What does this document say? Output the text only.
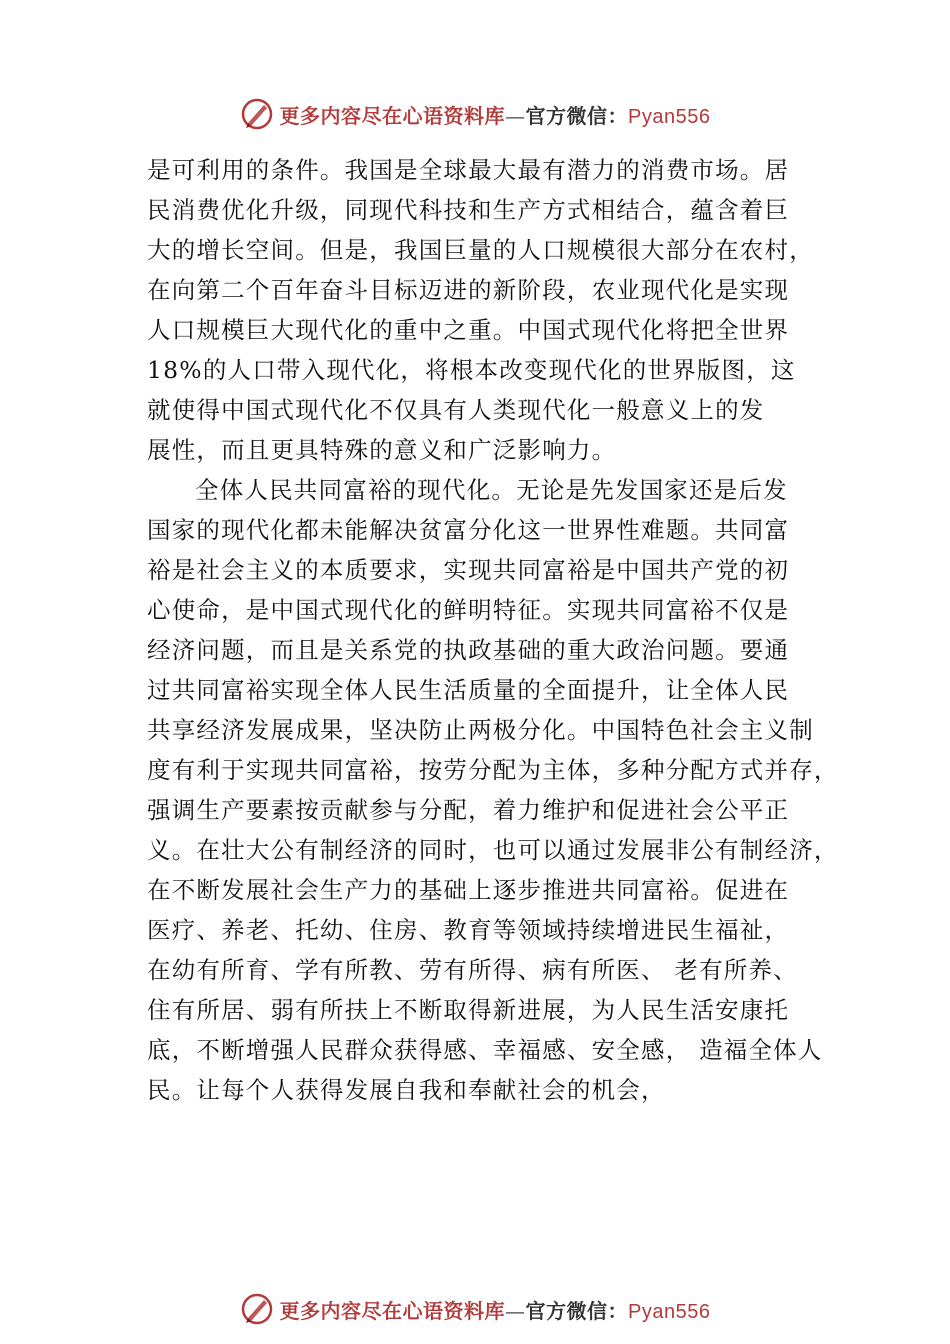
更多内容尽在心语资料库—官方微信：Pyan556
是可利用的条件。我国是全球最大最有潜力的消费市场。居
民消费优化升级，同现代科技和生产方式相结合，蕴含着巨
大的增长空间。但是，我国巨量的人口规模很大部分在农村，
在向第二个百年奋斗目标迈进的新阶段，农业现代化是实现
人口规模巨大现代化的重中之重。中国式现代化将把全世界
18%的人口带入现代化，将根本改变现代化的世界版图，这
就使得中国式现代化不仅具有人类现代化一般意义上的发
展性，而且更具特殊的意义和广泛影响力。
全体人民共同富裕的现代化。无论是先发国家还是后发
国家的现代化都未能解决贫富分化这一世界性难题。共同富
裕是社会主义的本质要求，实现共同富裕是中国共产党的初
心使命，是中国式现代化的鲜明特征。实现共同富裕不仅是
经济问题，而且是关系党的执政基础的重大政治问题。要通
过共同富裕实现全体人民生活质量的全面提升，让全体人民
共享经济发展成果，坚决防止两极分化。中国特色社会主义制
度有利于实现共同富裕，按劳分配为主体，多种分配方式并存，
强调生产要素按贡献参与分配，着力维护和促进社会公平正
义。在壮大公有制经济的同时，也可以通过发展非公有制经济，
在不断发展社会生产力的基础上逐步推进共同富裕。促进在
医疗、养老、托幼、住房、教育等领域持续增进民生福祉，
在幼有所育、学有所教、劳有所得、病有所医、 老有所养、
住有所居、弱有所扶上不断取得新进展，为人民生活安康托
底，不断增强人民群众获得感、幸福感、安全感， 造福全体人
民。让每个人获得发展自我和奉献社会的机会，
更多内容尽在心语资料库—官方微信：Pyan556
